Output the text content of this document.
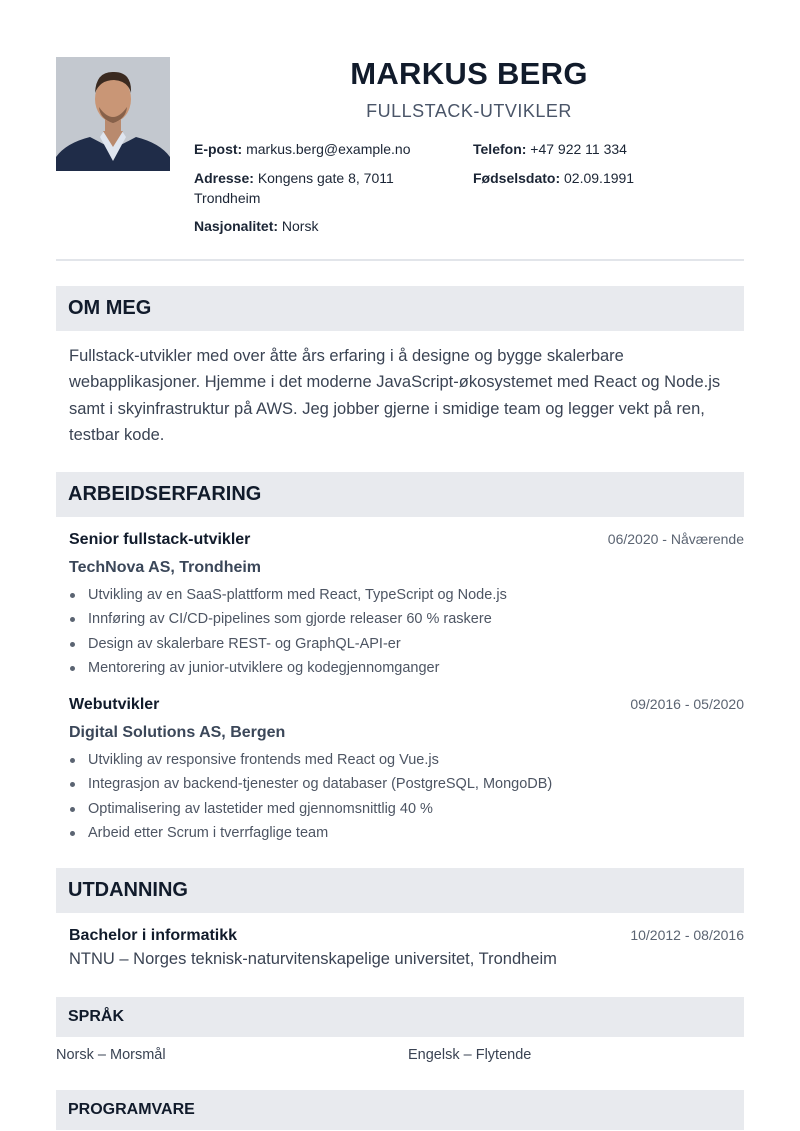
MARKUS BERG
FULLSTACK-UTVIKLER
E-post: markus.berg@example.no	Telefon: +47 922 11 334
Adresse: Kongens gate 8, 7011
Trondheim
Fødselsdato: 02.09.1991
Nasjonalitet: Norsk
OM MEG
Fullstack-utvikler med over åtte års erfaring i å designe og bygge skalerbare webapplikasjoner. Hjemme i det moderne JavaScript-økosystemet med React og Node.js samt i skyinfrastruktur på AWS. Jeg jobber gjerne i smidige team og legger vekt på ren, testbar kode.
ARBEIDSERFARING
Senior fullstack-utvikler	06/2020 - Nåværende
TechNova AS, Trondheim
Utvikling av en SaaS-plattform med React, TypeScript og Node.js
Innføring av CI/CD-pipelines som gjorde releaser 60 % raskere
Design av skalerbare REST- og GraphQL-API-er
Mentorering av junior-utviklere og kodegjennomganger
Webutvikler	09/2016 - 05/2020
Digital Solutions AS, Bergen
Utvikling av responsive frontends med React og Vue.js
Integrasjon av backend-tjenester og databaser (PostgreSQL, MongoDB)
Optimalisering av lastetider med gjennomsnittlig 40 %
Arbeid etter Scrum i tverrfaglige team
UTDANNING
Bachelor i informatikk	10/2012 - 08/2016
NTNU – Norges teknisk-naturvitenskapelige universitet, Trondheim
SPRÅK
Norsk – Morsmål	Engelsk – Flytende
PROGRAMVARE
